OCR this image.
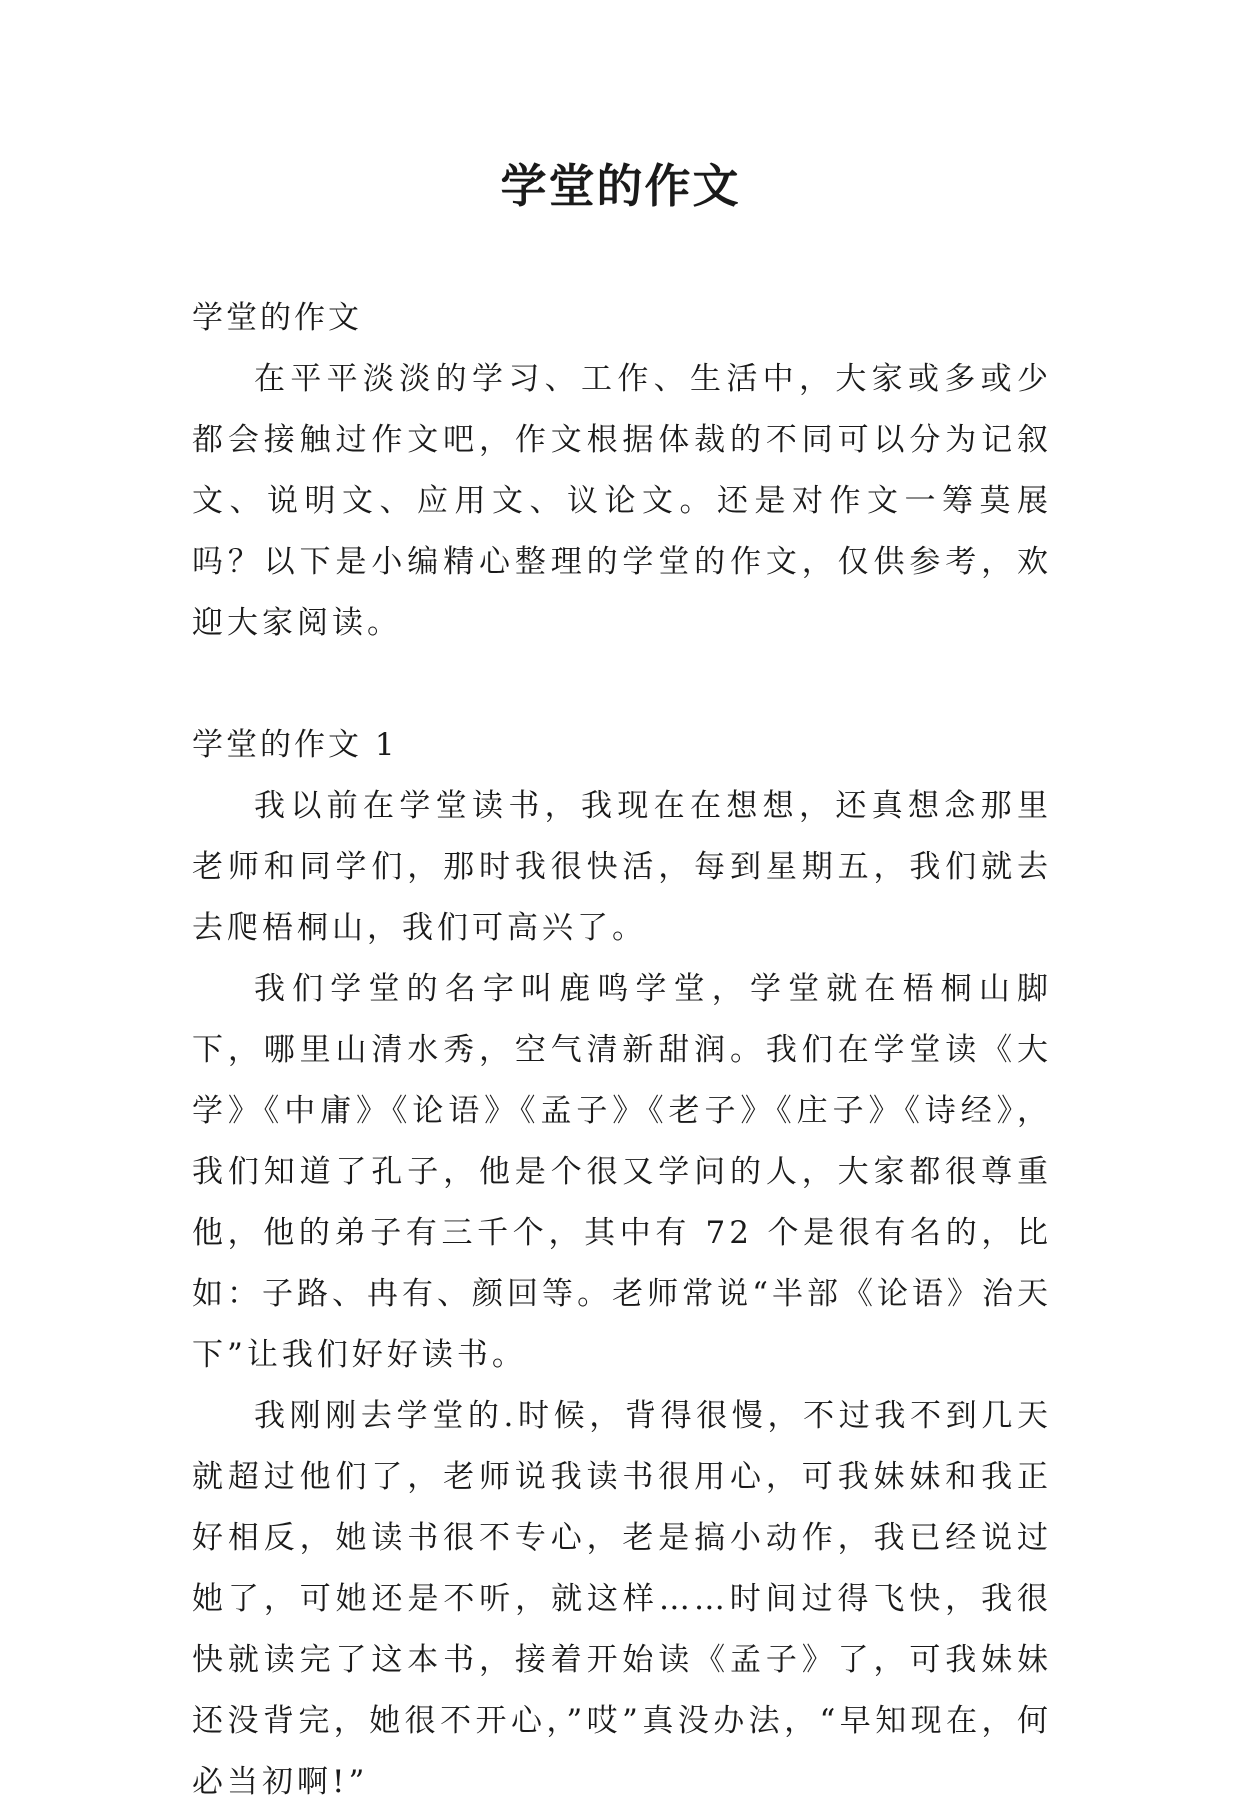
学堂的作文

学堂的作文

在平平淡淡的学习、工作、生活中，大家或多或少都会接触过作文吧，作文根据体裁的不同可以分为记叙文、说明文、应用文、议论文。还是对作文一筹莫展吗？以下是小编精心整理的学堂的作文，仅供参考，欢迎大家阅读。

学堂的作文 1

我以前在学堂读书，我现在在想想，还真想念那里老师和同学们，那时我很快活，每到星期五，我们就去去爬梧桐山，我们可高兴了。

我们学堂的名字叫鹿鸣学堂，学堂就在梧桐山脚下，哪里山清水秀，空气清新甜润。我们在学堂读《大学》《中庸》《论语》《孟子》《老子》《庄子》《诗经》，我们知道了孔子，他是个很又学问的人，大家都很尊重他，他的弟子有三千个，其中有 72 个是很有名的，比如：子路、冉有、颜回等。老师常说“半部《论语》治天下”让我们好好读书。

我刚刚去学堂的.时候，背得很慢，不过我不到几天就超过他们了，老师说我读书很用心，可我妹妹和我正好相反，她读书很不专心，老是搞小动作，我已经说过她了，可她还是不听，就这样……时间过得飞快，我很快就读完了这本书，接着开始读《孟子》了，可我妹妹还没背完，她很不开心，”哎”真没办法，“早知现在，何必当初啊!”
